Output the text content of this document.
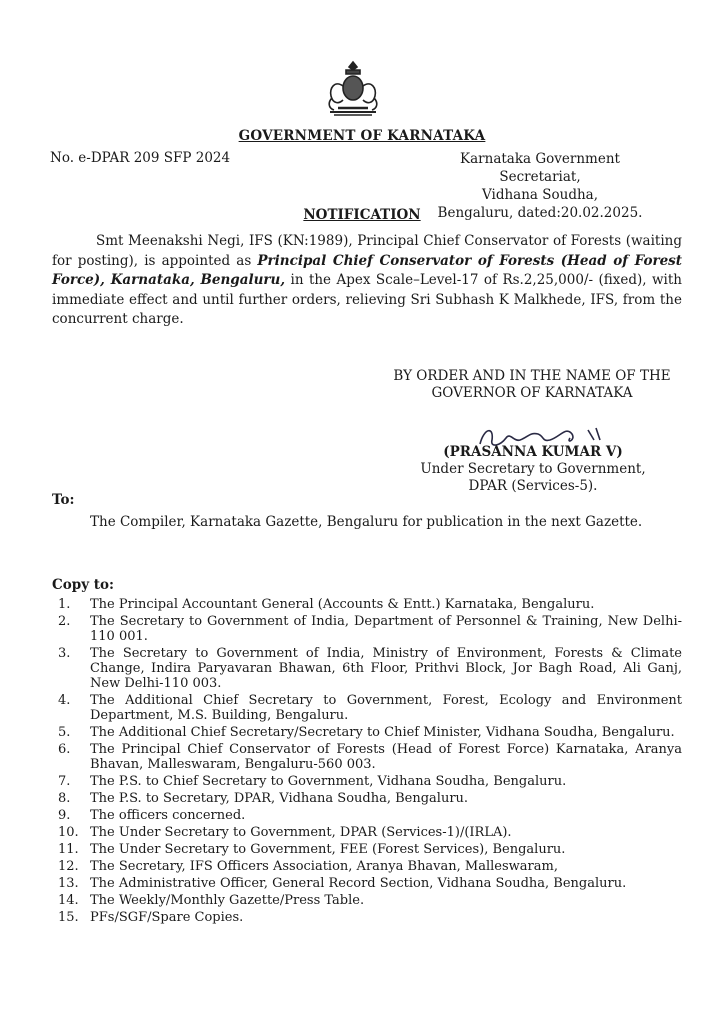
GOVERNMENT OF KARNATAKA
No. e-DPAR 209 SFP 2024	Karnataka Government Secretariat,
Vidhana Soudha,
Bengaluru, dated:20.02.2025.
NOTIFICATION
Smt Meenakshi Negi, IFS (KN:1989), Principal Chief Conservator of Forests (waiting for posting), is appointed as Principal Chief Conservator of Forests (Head of Forest Force), Karnataka, Bengaluru, in the Apex Scale–Level-17 of Rs.2,25,000/- (fixed), with immediate effect and until further orders, relieving Sri Subhash K Malkhede, IFS, from the concurrent charge.
BY ORDER AND IN THE NAME OF THE
GOVERNOR OF KARNATAKA
(PRASANNA KUMAR V)
Under Secretary to Government,
DPAR (Services-5).
To:
The Compiler, Karnataka Gazette, Bengaluru for publication in the next Gazette.
Copy to:
1.	The Principal Accountant General (Accounts & Entt.) Karnataka, Bengaluru.
2.	The Secretary to Government of India, Department of Personnel & Training, New Delhi-110 001.
3.	The Secretary to Government of India, Ministry of Environment, Forests & Climate Change, Indira Paryavaran Bhawan, 6th Floor, Prithvi Block, Jor Bagh Road, Ali Ganj, New Delhi-110 003.
4.	The Additional Chief Secretary to Government, Forest, Ecology and Environment Department, M.S. Building, Bengaluru.
5.	The Additional Chief Secretary/Secretary to Chief Minister, Vidhana Soudha, Bengaluru.
6.	The Principal Chief Conservator of Forests (Head of Forest Force) Karnataka, Aranya Bhavan, Malleswaram, Bengaluru-560 003.
7.	The P.S. to Chief Secretary to Government, Vidhana Soudha, Bengaluru.
8.	The P.S. to Secretary, DPAR, Vidhana Soudha, Bengaluru.
9.	The officers concerned.
10. The Under Secretary to Government, DPAR (Services-1)/(IRLA).
11. The Under Secretary to Government, FEE (Forest Services), Bengaluru.
12. The Secretary, IFS Officers Association, Aranya Bhavan, Malleswaram,
13. The Administrative Officer, General Record Section, Vidhana Soudha, Bengaluru.
14. The Weekly/Monthly Gazette/Press Table.
15. PFs/SGF/Spare Copies.
